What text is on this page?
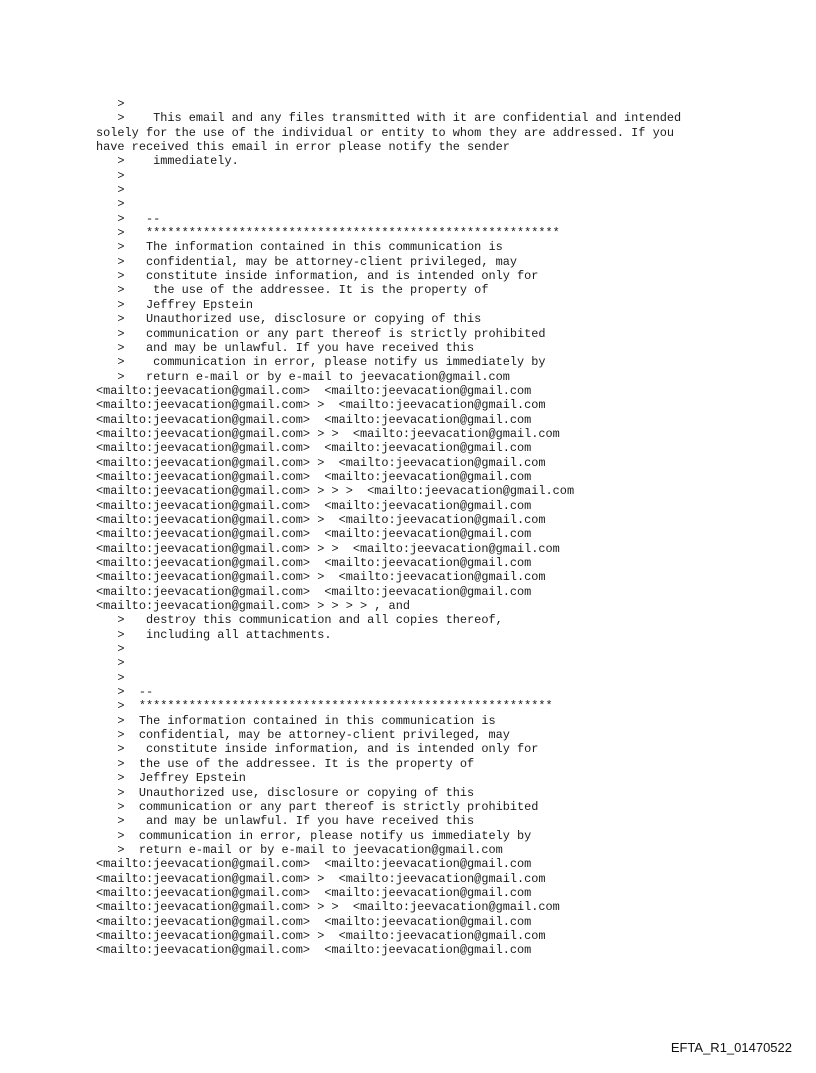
>
>    This email and any files transmitted with it are confidential and intended
solely for the use of the individual or entity to whom they are addressed. If you
have received this email in error please notify the sender
>    immediately.
>
>
>
>   --
>   **********************************************************
>   The information contained in this communication is
>   confidential, may be attorney-client privileged, may
>   constitute inside information, and is intended only for
>    the use of the addressee. It is the property of
>   Jeffrey Epstein
>   Unauthorized use, disclosure or copying of this
>   communication or any part thereof is strictly prohibited
>   and may be unlawful. If you have received this
>    communication in error, please notify us immediately by
>   return e-mail or by e-mail to jeevacation@gmail.com
<mailto:jeevacation@gmail.com>  <mailto:jeevacation@gmail.com
<mailto:jeevacation@gmail.com> >  <mailto:jeevacation@gmail.com
<mailto:jeevacation@gmail.com>  <mailto:jeevacation@gmail.com
<mailto:jeevacation@gmail.com> > >  <mailto:jeevacation@gmail.com
<mailto:jeevacation@gmail.com>  <mailto:jeevacation@gmail.com
<mailto:jeevacation@gmail.com> >  <mailto:jeevacation@gmail.com
<mailto:jeevacation@gmail.com>  <mailto:jeevacation@gmail.com
<mailto:jeevacation@gmail.com> > > >  <mailto:jeevacation@gmail.com
<mailto:jeevacation@gmail.com>  <mailto:jeevacation@gmail.com
<mailto:jeevacation@gmail.com> >  <mailto:jeevacation@gmail.com
<mailto:jeevacation@gmail.com>  <mailto:jeevacation@gmail.com
<mailto:jeevacation@gmail.com> > >  <mailto:jeevacation@gmail.com
<mailto:jeevacation@gmail.com>  <mailto:jeevacation@gmail.com
<mailto:jeevacation@gmail.com> >  <mailto:jeevacation@gmail.com
<mailto:jeevacation@gmail.com>  <mailto:jeevacation@gmail.com
<mailto:jeevacation@gmail.com> > > > > , and
>   destroy this communication and all copies thereof,
>   including all attachments.
>
>
>
>  --
>  **********************************************************
>  The information contained in this communication is
>  confidential, may be attorney-client privileged, may
>   constitute inside information, and is intended only for
>  the use of the addressee. It is the property of
>  Jeffrey Epstein
>  Unauthorized use, disclosure or copying of this
>  communication or any part thereof is strictly prohibited
>   and may be unlawful. If you have received this
>  communication in error, please notify us immediately by
>  return e-mail or by e-mail to jeevacation@gmail.com
<mailto:jeevacation@gmail.com>  <mailto:jeevacation@gmail.com
<mailto:jeevacation@gmail.com> >  <mailto:jeevacation@gmail.com
<mailto:jeevacation@gmail.com>  <mailto:jeevacation@gmail.com
<mailto:jeevacation@gmail.com> > >  <mailto:jeevacation@gmail.com
<mailto:jeevacation@gmail.com>  <mailto:jeevacation@gmail.com
<mailto:jeevacation@gmail.com> >  <mailto:jeevacation@gmail.com
<mailto:jeevacation@gmail.com>  <mailto:jeevacation@gmail.com
EFTA_R1_01470522
